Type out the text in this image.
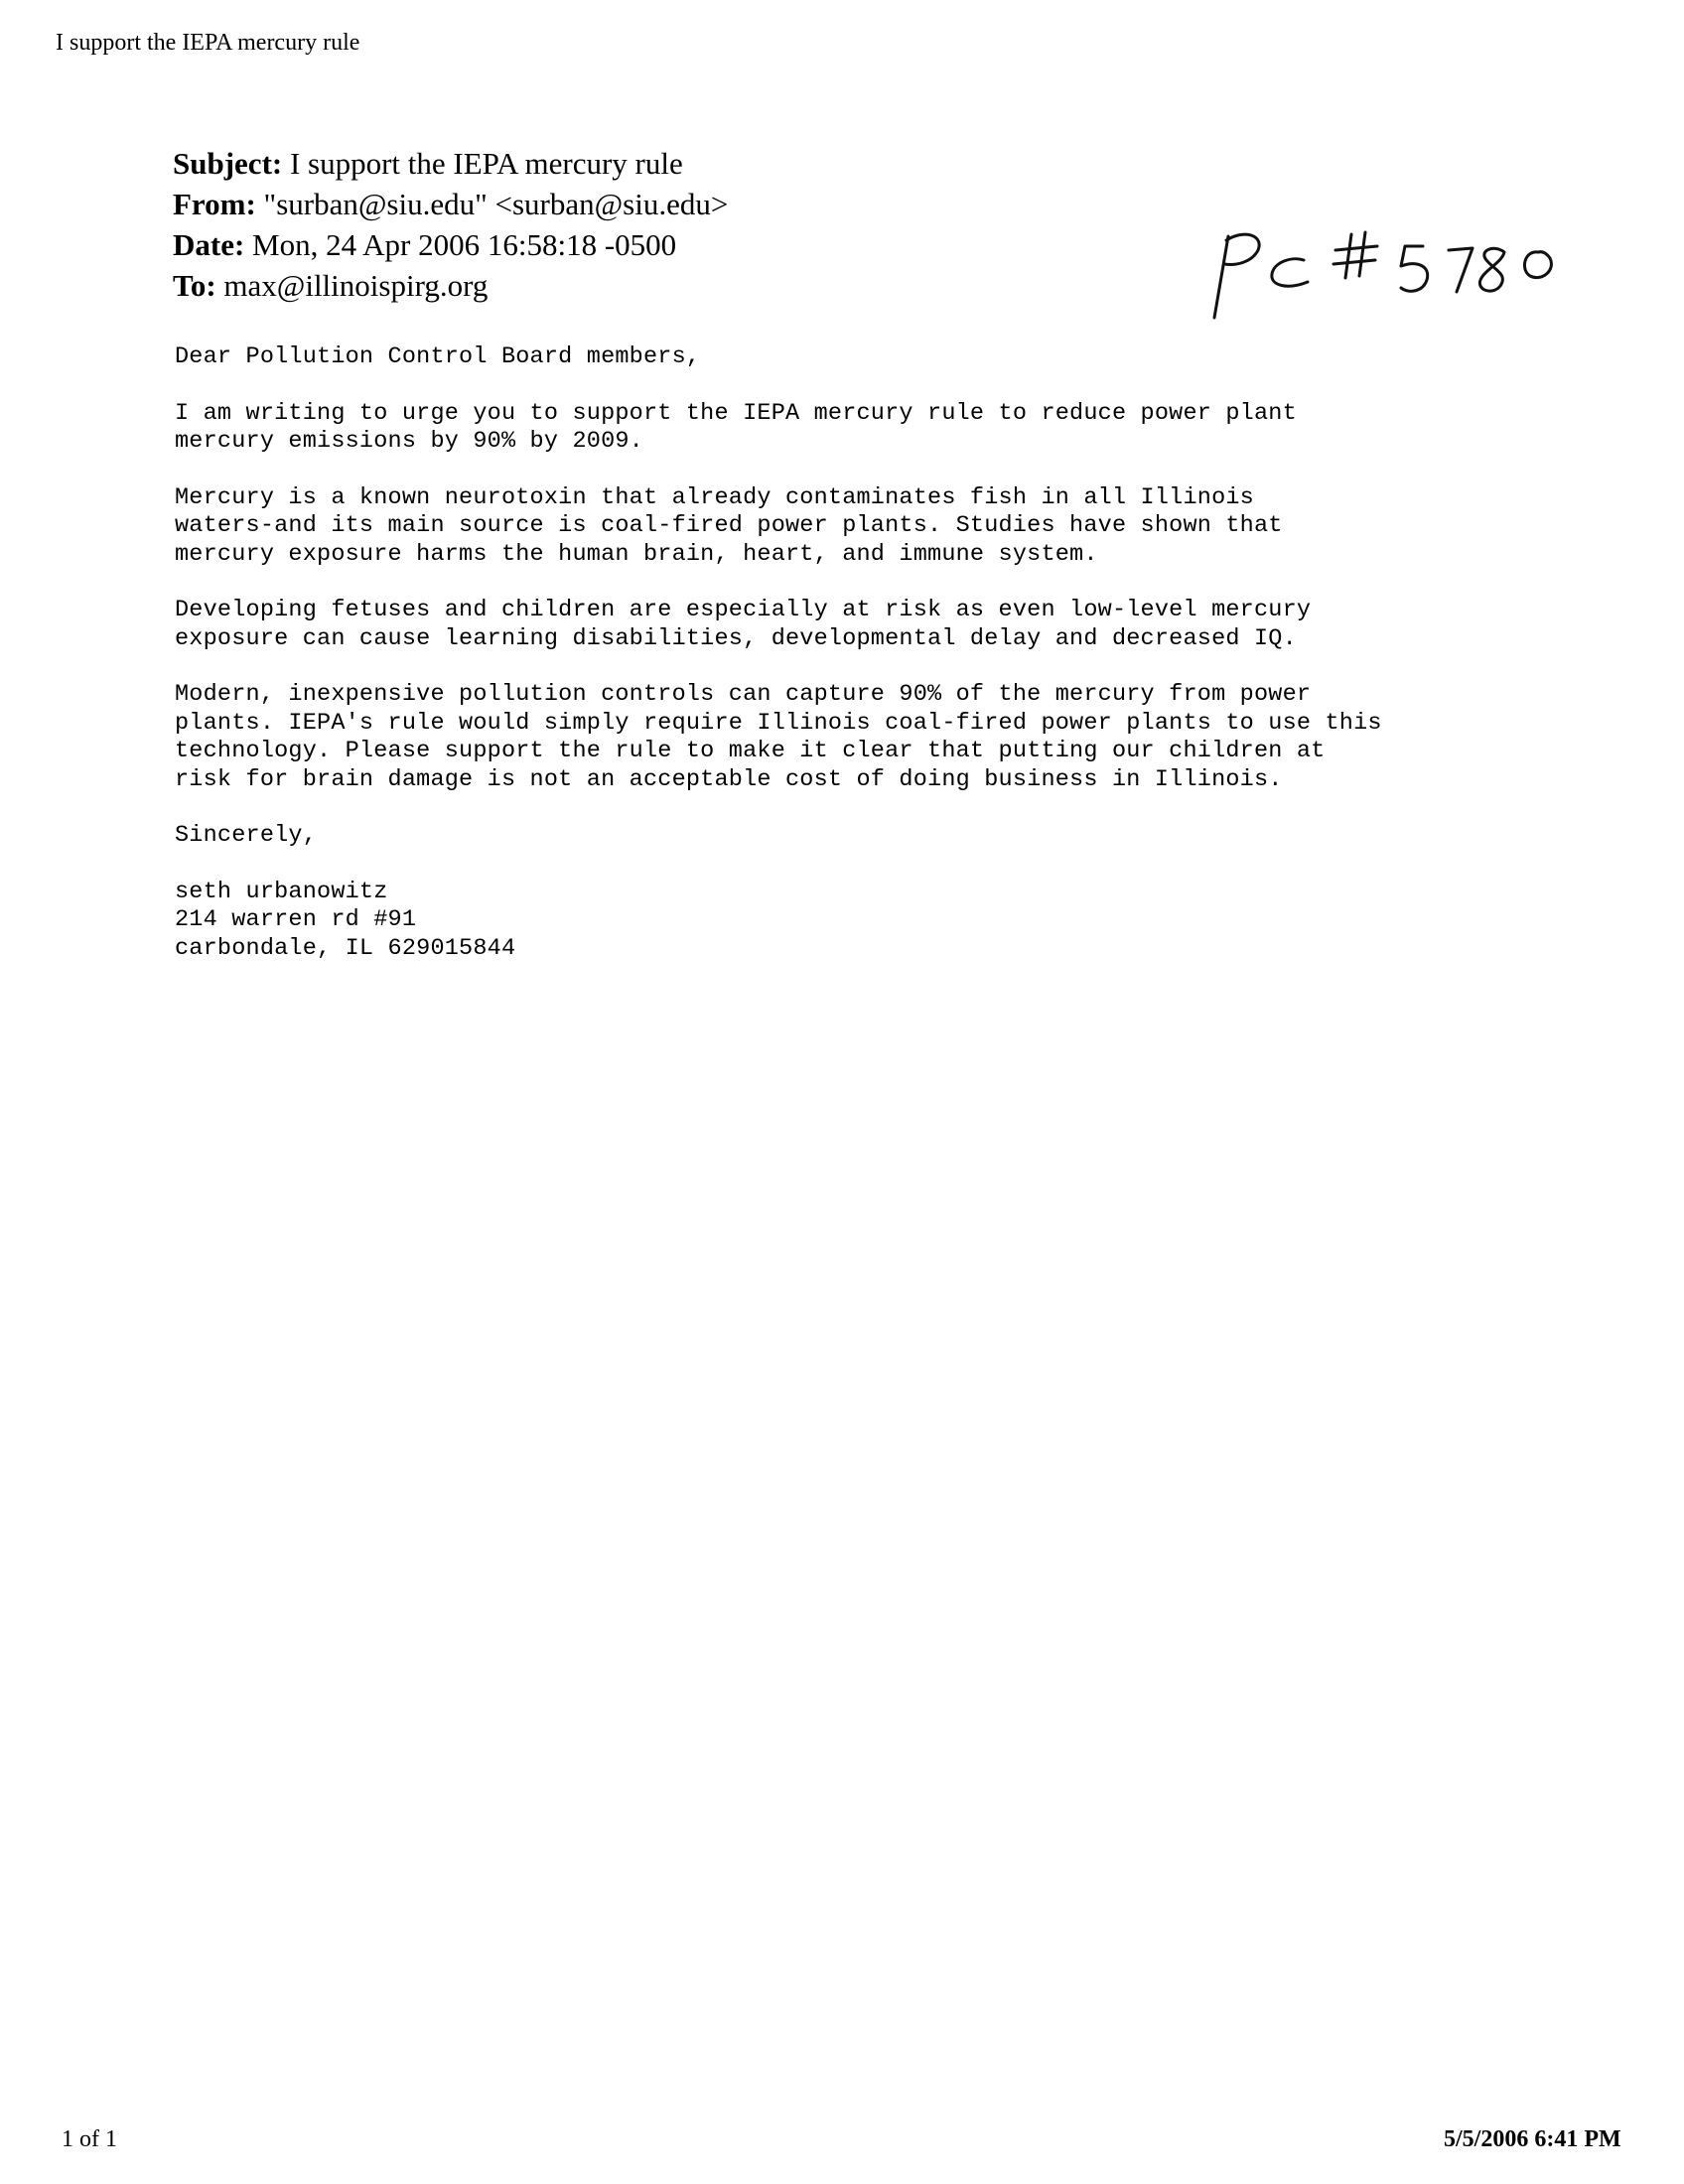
I support the IEPA mercury rule
Subject: I support the IEPA mercury rule
From: "surban@siu.edu" <surban@siu.edu>
Date: Mon, 24 Apr 2006 16:58:18 -0500
To: max@illinoispirg.org
Dear Pollution Control Board members,
I am writing to urge you to support the IEPA mercury rule to reduce power plant
mercury emissions by 90% by 2009.
Mercury is a known neurotoxin that already contaminates fish in all Illinois
waters-and its main source is coal-fired power plants. Studies have shown that
mercury exposure harms the human brain, heart, and immune system.
Developing fetuses and children are especially at risk as even low-level mercury
exposure can cause learning disabilities, developmental delay and decreased IQ.
Modern, inexpensive pollution controls can capture 90% of the mercury from power
plants. IEPA's rule would simply require Illinois coal-fired power plants to use this
technology. Please support the rule to make it clear that putting our children at
risk for brain damage is not an acceptable cost of doing business in Illinois.
Sincerely,
seth urbanowitz
214 warren rd #91
carbondale, IL 629015844
1 of 1	5/5/2006 6:41 PM
